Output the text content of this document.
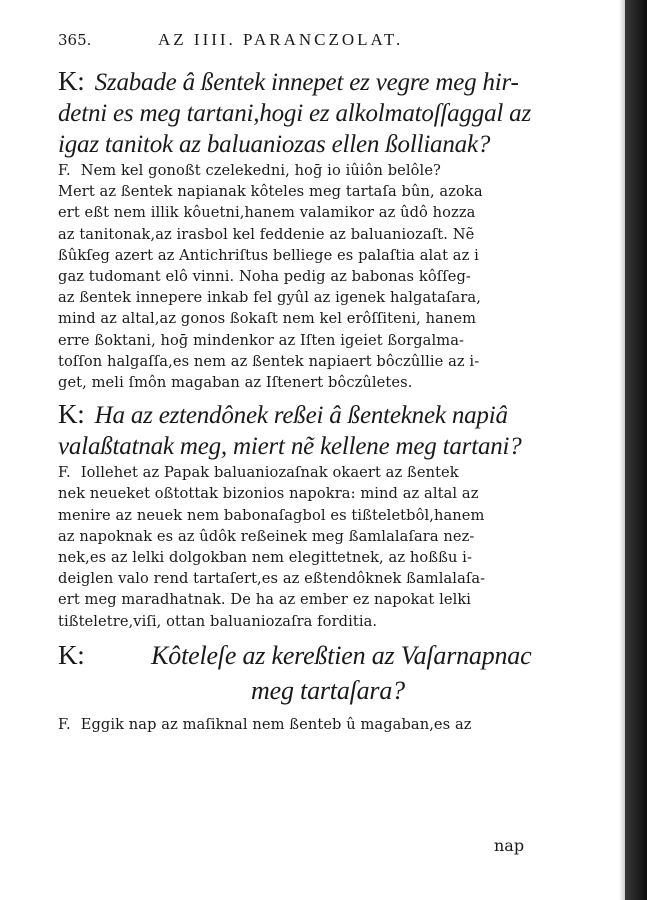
365.	AZ IIII. PARANCZOLAT.

K: Szabade â ßentek innepet ez vegre meg hir-
detni es meg tartani,hogi ez alkolmatoſſaggal az
igaz tanitok az baluaniozas ellen ßollianak?

F. Nem kel gonoßt czelekedni, hoḡ io iûiôn belôle?
Mert az ßentek napianak kôteles meg tartaſa bûn, azoka
ert eßt nem illik kôuetni,hanem valamikor az ûdô hozza
az tanitonak,az irasbol kel feddenie az baluaniozaſt. Nẽ
ßûkſeg azert az Antichriſtus belliege es palaſtia alat az i
gaz tudomant elô vinni. Noha pedig az babonas kôſſeg-
az ßentek innepere inkab fel gyûl az igenek halgataſara,
mind az altal,az gonos ßokaſt nem kel erôſſiteni, hanem
erre ßoktani, hoḡ mindenkor az Iſten igeiet ßorgalma-
toſſon halgaſſa,es nem az ßentek napiaert bôczûllie az i-
get, meli ſmôn magaban az Iſtenert bôczûletes.

K: Ha az eztendônek reßei â ßenteknek napiâ
valaßtatnak meg, miert nẽ kellene meg tartani?

F. Iollehet az Papak baluaniozaſnak okaert az ßentek
nek neueket oßtottak bizonios napokra: mind az altal az
menire az neuek nem babonaſagbol es tißteletbôl,hanem
az napoknak es az ûdôk reßeinek meg ßamlalaſara nez-
nek,es az lelki dolgokban nem elegittetnek, az hoßßu i-
deiglen valo rend tartaſert,es az eßtendôknek ßamlalaſa-
ert meg maradhatnak. De ha az ember ez napokat lelki
tißteletre,viſi, ottan baluaniozaſra forditia.

K:	Kôteleſe az kereßtien az Vaſarnapnac
meg tartaſara?

F. Eggik nap az maſiknal nem ßenteb û magaban,es az

nap
